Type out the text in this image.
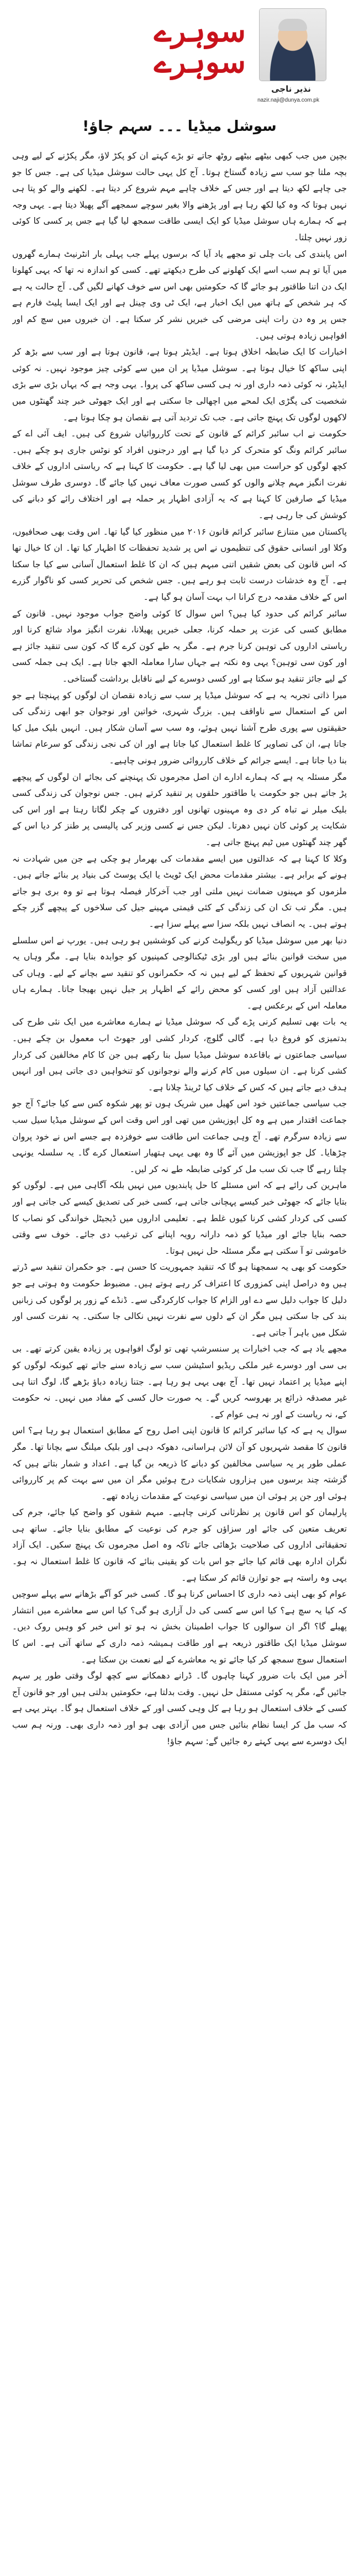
سوہرے سوہرے
نذیر ناجی
nazir.naji@dunya.com.pk
سوشل میڈیا ۔۔۔ سہم جاؤ!

بچپن میں جب کبھی بیٹھے بیٹھے روٹھ جاتے تو بڑے کہتے ان کو پکڑ لاؤ، مگر پکڑنے کے لیے وہی بچہ ملتا جو سب سے زیادہ گستاخ ہوتا۔ آج کل یہی حالت سوشل میڈیا کی ہے۔ جس کا جو جی چاہے لکھ دیتا ہے اور جس کے خلاف چاہے مہم شروع کر دیتا ہے۔ لکھنے والے کو پتا ہی نہیں ہوتا کہ وہ کیا لکھ رہا ہے اور پڑھنے والا بغیر سوچے سمجھے آگے پھیلا دیتا ہے۔ یہی وجہ ہے کہ ہمارے ہاں سوشل میڈیا کو ایک ایسی طاقت سمجھ لیا گیا ہے جس پر کسی کا کوئی زور نہیں چلتا۔

اس پابندی کی بات چلی تو مجھے یاد آیا کہ برسوں پہلے جب پہلی بار انٹرنیٹ ہمارے گھروں میں آیا تو ہم سب اسے ایک کھلونے کی طرح دیکھتے تھے۔ کسی کو اندازہ نہ تھا کہ یہی کھلونا ایک دن اتنا طاقتور ہو جائے گا کہ حکومتیں بھی اس سے خوف کھانے لگیں گی۔ آج حالت یہ ہے کہ ہر شخص کے ہاتھ میں ایک اخبار ہے، ایک ٹی وی چینل ہے اور ایک ایسا پلیٹ فارم ہے جس پر وہ دن رات اپنی مرضی کی خبریں نشر کر سکتا ہے۔ ان خبروں میں سچ کم اور افواہیں زیادہ ہوتی ہیں۔

اخبارات کا ایک ضابطہ اخلاق ہوتا ہے۔ ایڈیٹر ہوتا ہے، قانون ہوتا ہے اور سب سے بڑھ کر اپنی ساکھ کا خیال ہوتا ہے۔ سوشل میڈیا پر ان میں سے کوئی چیز موجود نہیں۔ نہ کوئی ایڈیٹر، نہ کوئی ذمہ داری اور نہ ہی کسی ساکھ کی پروا۔ یہی وجہ ہے کہ یہاں بڑی سے بڑی شخصیت کی پگڑی ایک لمحے میں اچھالی جا سکتی ہے اور ایک جھوٹی خبر چند گھنٹوں میں لاکھوں لوگوں تک پہنچ جاتی ہے۔ جب تک تردید آتی ہے نقصان ہو چکا ہوتا ہے۔

حکومت نے اب سائبر کرائم کے قانون کے تحت کارروائیاں شروع کی ہیں۔ ایف آئی اے کے سائبر کرائم ونگ کو متحرک کر دیا گیا ہے اور درجنوں افراد کو نوٹس جاری ہو چکے ہیں۔ کچھ لوگوں کو حراست میں بھی لیا گیا ہے۔ حکومت کا کہنا ہے کہ ریاستی اداروں کے خلاف نفرت انگیز مہم چلانے والوں کو کسی صورت معاف نہیں کیا جائے گا۔ دوسری طرف سوشل میڈیا کے صارفین کا کہنا ہے کہ یہ آزادی اظہار پر حملہ ہے اور اختلاف رائے کو دبانے کی کوشش کی جا رہی ہے۔

پاکستان میں متنازع سائبر کرائم قانون ۲۰۱۶ میں منظور کیا گیا تھا۔ اس وقت بھی صحافیوں، وکلا اور انسانی حقوق کی تنظیموں نے اس پر شدید تحفظات کا اظہار کیا تھا۔ ان کا خیال تھا کہ اس قانون کی بعض شقیں اتنی مبہم ہیں کہ ان کا غلط استعمال آسانی سے کیا جا سکتا ہے۔ آج وہ خدشات درست ثابت ہو رہے ہیں۔ جس شخص کی تحریر کسی کو ناگوار گزرے اس کے خلاف مقدمہ درج کرانا اب بہت آسان ہو گیا ہے۔

سائبر کرائم کی حدود کیا ہیں؟ اس سوال کا کوئی واضح جواب موجود نہیں۔ قانون کے مطابق کسی کی عزت پر حملہ کرنا، جعلی خبریں پھیلانا، نفرت انگیز مواد شائع کرنا اور ریاستی اداروں کی توہین کرنا جرم ہے۔ مگر یہ طے کون کرے گا کہ کون سی تنقید جائز ہے اور کون سی توہین؟ یہی وہ نکتہ ہے جہاں سارا معاملہ الجھ جاتا ہے۔ ایک ہی جملہ کسی کے لیے جائز تنقید ہو سکتا ہے اور کسی دوسرے کے لیے ناقابل برداشت گستاخی۔

میرا ذاتی تجربہ یہ ہے کہ سوشل میڈیا پر سب سے زیادہ نقصان ان لوگوں کو پہنچتا ہے جو اس کے استعمال سے ناواقف ہیں۔ بزرگ شہری، خواتین اور نوجوان جو ابھی زندگی کی حقیقتوں سے پوری طرح آشنا نہیں ہوئے، وہ سب سے آسان شکار ہیں۔ انہیں بلیک میل کیا جاتا ہے، ان کی تصاویر کا غلط استعمال کیا جاتا ہے اور ان کی نجی زندگی کو سرعام تماشا بنا دیا جاتا ہے۔ ایسے جرائم کے خلاف کارروائی ضرور ہونی چاہیے۔

مگر مسئلہ یہ ہے کہ ہمارے ادارے ان اصل مجرموں تک پہنچنے کی بجائے ان لوگوں کے پیچھے پڑ جاتے ہیں جو حکومت یا طاقتور حلقوں پر تنقید کرتے ہیں۔ جس نوجوان کی زندگی کسی بلیک میلر نے تباہ کر دی وہ مہینوں تھانوں اور دفتروں کے چکر لگاتا رہتا ہے اور اس کی شکایت پر کوئی کان نہیں دھرتا۔ لیکن جس نے کسی وزیر کی پالیسی پر طنز کر دیا اس کے گھر چند گھنٹوں میں ٹیم پہنچ جاتی ہے۔

وکلا کا کہنا ہے کہ عدالتوں میں ایسے مقدمات کی بھرمار ہو چکی ہے جن میں شہادت نہ ہونے کے برابر ہے۔ بیشتر مقدمات محض ایک ٹویٹ یا ایک پوسٹ کی بنیاد پر بنائے جاتے ہیں۔ ملزموں کو مہینوں ضمانت نہیں ملتی اور جب آخرکار فیصلہ ہوتا ہے تو وہ بری ہو جاتے ہیں۔ مگر تب تک ان کی زندگی کے کئی قیمتی مہینے جیل کی سلاخوں کے پیچھے گزر چکے ہوتے ہیں۔ یہ انصاف نہیں بلکہ سزا سے پہلے سزا ہے۔

دنیا بھر میں سوشل میڈیا کو ریگولیٹ کرنے کی کوششیں ہو رہی ہیں۔ یورپ نے اس سلسلے میں سخت قوانین بنائے ہیں اور بڑی ٹیکنالوجی کمپنیوں کو جوابدہ بنایا ہے۔ مگر وہاں یہ قوانین شہریوں کے تحفظ کے لیے ہیں نہ کہ حکمرانوں کو تنقید سے بچانے کے لیے۔ وہاں کی عدالتیں آزاد ہیں اور کسی کو محض رائے کے اظہار پر جیل نہیں بھیجا جاتا۔ ہمارے ہاں معاملہ اس کے برعکس ہے۔

یہ بات بھی تسلیم کرنی پڑے گی کہ سوشل میڈیا نے ہمارے معاشرے میں ایک نئی طرح کی بدتمیزی کو فروغ دیا ہے۔ گالی گلوچ، کردار کشی اور جھوٹ اب معمول بن چکے ہیں۔ سیاسی جماعتوں نے باقاعدہ سوشل میڈیا سیل بنا رکھے ہیں جن کا کام مخالفین کی کردار کشی کرنا ہے۔ ان سیلوں میں کام کرنے والے نوجوانوں کو تنخواہیں دی جاتی ہیں اور انہیں ہدف دیے جاتے ہیں کہ کس کے خلاف کیا ٹرینڈ چلانا ہے۔

جب سیاسی جماعتیں خود اس کھیل میں شریک ہوں تو پھر شکوہ کس سے کیا جائے؟ آج جو جماعت اقتدار میں ہے وہ کل اپوزیشن میں تھی اور اس وقت اس کے سوشل میڈیا سیل سب سے زیادہ سرگرم تھے۔ آج وہی جماعت اس طاقت سے خوفزدہ ہے جسے اس نے خود پروان چڑھایا۔ کل جو اپوزیشن میں آئے گا وہ بھی یہی ہتھیار استعمال کرے گا۔ یہ سلسلہ یونہی چلتا رہے گا جب تک سب مل کر کوئی ضابطہ طے نہ کر لیں۔

ماہرین کی رائے ہے کہ اس مسئلے کا حل پابندیوں میں نہیں بلکہ آگاہی میں ہے۔ لوگوں کو بتایا جائے کہ جھوٹی خبر کیسے پہچانی جاتی ہے، کسی خبر کی تصدیق کیسے کی جاتی ہے اور کسی کی کردار کشی کرنا کیوں غلط ہے۔ تعلیمی اداروں میں ڈیجیٹل خواندگی کو نصاب کا حصہ بنایا جائے اور میڈیا کو ذمہ دارانہ رویہ اپنانے کی ترغیب دی جائے۔ خوف سے وقتی خاموشی تو آ سکتی ہے مگر مسئلہ حل نہیں ہوتا۔

حکومت کو بھی یہ سمجھنا ہو گا کہ تنقید جمہوریت کا حسن ہے۔ جو حکمران تنقید سے ڈرتے ہیں وہ دراصل اپنی کمزوری کا اعتراف کر رہے ہوتے ہیں۔ مضبوط حکومت وہ ہوتی ہے جو دلیل کا جواب دلیل سے دے اور الزام کا جواب کارکردگی سے۔ ڈنڈے کے زور پر لوگوں کی زبانیں بند کی جا سکتی ہیں مگر ان کے دلوں سے نفرت نہیں نکالی جا سکتی۔ یہ نفرت کسی اور شکل میں باہر آ جاتی ہے۔

مجھے یاد ہے کہ جب اخبارات پر سنسرشپ تھی تو لوگ افواہوں پر زیادہ یقین کرتے تھے۔ بی بی سی اور دوسرے غیر ملکی ریڈیو اسٹیشن سب سے زیادہ سنے جاتے تھے کیونکہ لوگوں کو اپنے میڈیا پر اعتماد نہیں تھا۔ آج بھی یہی ہو رہا ہے۔ جتنا زیادہ دباؤ بڑھے گا، لوگ اتنا ہی غیر مصدقہ ذرائع پر بھروسہ کریں گے۔ یہ صورت حال کسی کے مفاد میں نہیں۔ نہ حکومت کے، نہ ریاست کے اور نہ ہی عوام کے۔

سوال یہ ہے کہ کیا سائبر کرائم کا قانون اپنی اصل روح کے مطابق استعمال ہو رہا ہے؟ اس قانون کا مقصد شہریوں کو آن لائن ہراسانی، دھوکہ دہی اور بلیک میلنگ سے بچانا تھا۔ مگر عملی طور پر یہ سیاسی مخالفین کو دبانے کا ذریعہ بن گیا ہے۔ اعداد و شمار بتاتے ہیں کہ گزشتہ چند برسوں میں ہزاروں شکایات درج ہوئیں مگر ان میں سے بہت کم پر کارروائی ہوئی اور جن پر ہوئی ان میں سیاسی نوعیت کے مقدمات زیادہ تھے۔

پارلیمان کو اس قانون پر نظرثانی کرنی چاہیے۔ مبہم شقوں کو واضح کیا جائے، جرم کی تعریف متعین کی جائے اور سزاؤں کو جرم کی نوعیت کے مطابق بنایا جائے۔ ساتھ ہی تحقیقاتی اداروں کی صلاحیت بڑھائی جائے تاکہ وہ اصل مجرموں تک پہنچ سکیں۔ ایک آزاد نگران ادارہ بھی قائم کیا جائے جو اس بات کو یقینی بنائے کہ قانون کا غلط استعمال نہ ہو۔ یہی وہ راستہ ہے جو توازن قائم کر سکتا ہے۔

عوام کو بھی اپنی ذمہ داری کا احساس کرنا ہو گا۔ کسی خبر کو آگے بڑھانے سے پہلے سوچیں کہ کیا یہ سچ ہے؟ کیا اس سے کسی کی دل آزاری ہو گی؟ کیا اس سے معاشرے میں انتشار پھیلے گا؟ اگر ان سوالوں کا جواب اطمینان بخش نہ ہو تو اس خبر کو وہیں روک دیں۔ سوشل میڈیا ایک طاقتور ذریعہ ہے اور طاقت ہمیشہ ذمہ داری کے ساتھ آتی ہے۔ اس کا استعمال سوچ سمجھ کر کیا جائے تو یہ معاشرے کے لیے نعمت بن سکتا ہے۔

آخر میں ایک بات ضرور کہنا چاہوں گا۔ ڈرانے دھمکانے سے کچھ لوگ وقتی طور پر سہم جائیں گے، مگر یہ کوئی مستقل حل نہیں۔ وقت بدلتا ہے، حکومتیں بدلتی ہیں اور جو قانون آج کسی کے خلاف استعمال ہو رہا ہے کل وہی کسی اور کے خلاف استعمال ہو گا۔ بہتر یہی ہے کہ سب مل کر ایسا نظام بنائیں جس میں آزادی بھی ہو اور ذمہ داری بھی۔ ورنہ ہم سب ایک دوسرے سے یہی کہتے رہ جائیں گے: سہم جاؤ!
